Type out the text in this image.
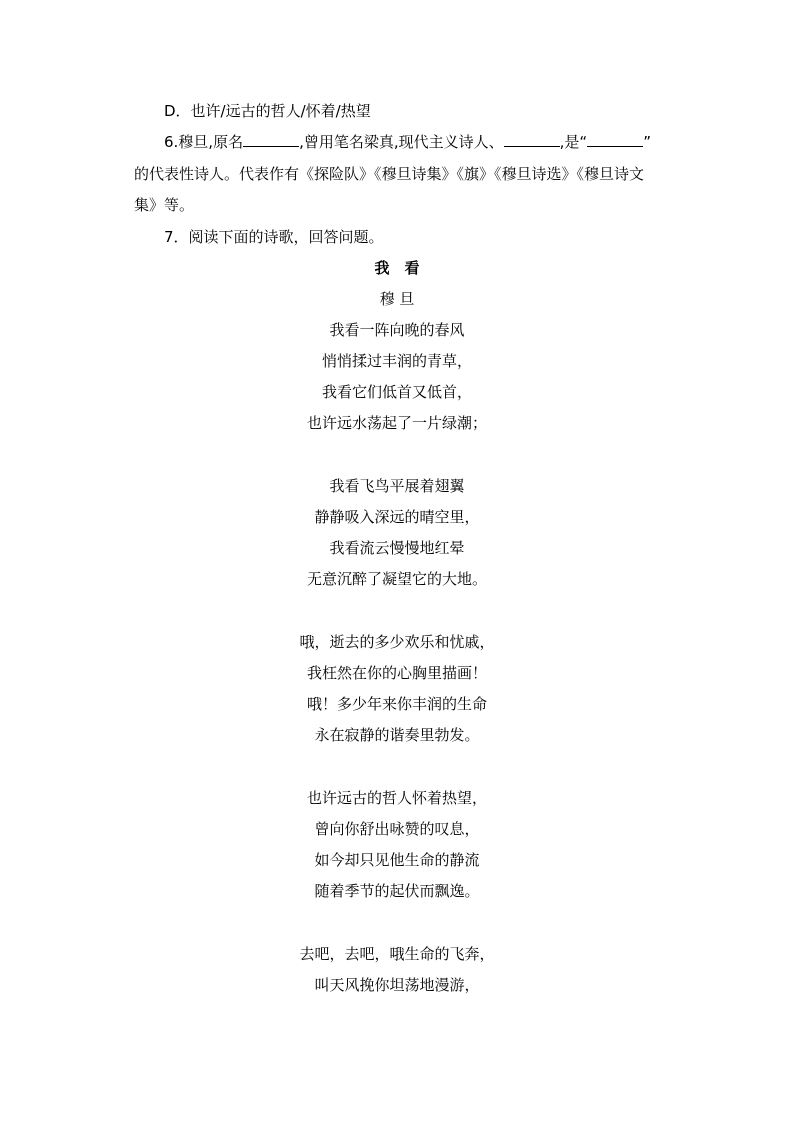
D．也许/远古的哲人/怀着/热望
6.穆旦,原名	,曾用笔名梁真,现代主义诗人、	,是“	”
的代表性诗人。代表作有《探险队》《穆旦诗集》《旗》《穆旦诗选》《穆旦诗文
集》等。
7．阅读下面的诗歌，回答问题。
我　看
穆 旦
我看一阵向晚的春风
悄悄揉过丰润的青草，
我看它们低首又低首，
也许远水荡起了一片绿潮；
我看飞鸟平展着翅翼
静静吸入深远的晴空里，
我看流云慢慢地红晕
无意沉醉了凝望它的大地。
哦，逝去的多少欢乐和忧戚，
我枉然在你的心胸里描画！
哦！多少年来你丰润的生命
永在寂静的谐奏里勃发。
也许远古的哲人怀着热望，
曾向你舒出咏赞的叹息，
如今却只见他生命的静流
随着季节的起伏而飘逸。
去吧，去吧，哦生命的飞奔，
叫天风挽你坦荡地漫游，
